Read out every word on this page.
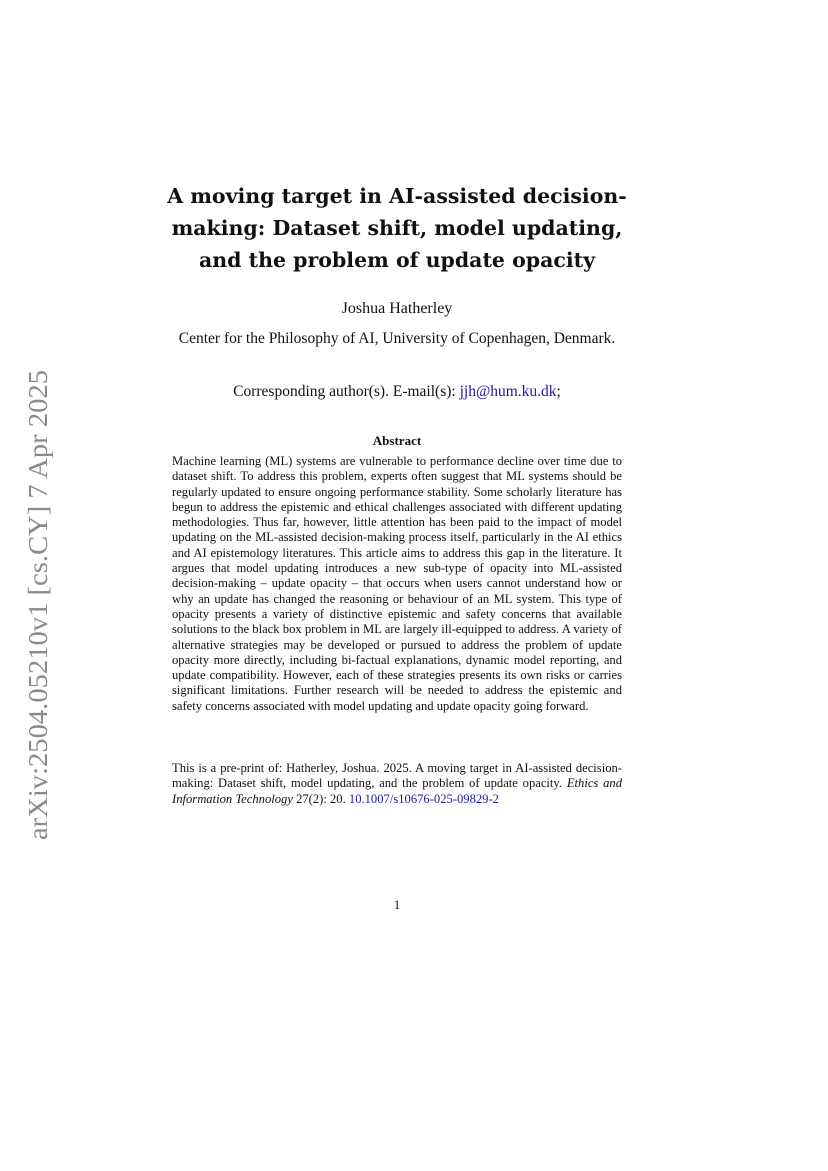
arXiv:2504.05210v1 [cs.CY] 7 Apr 2025
A moving target in AI-assisted decision-
making: Dataset shift, model updating,
and the problem of update opacity

Joshua Hatherley

Center for the Philosophy of AI, University of Copenhagen, Denmark.

Corresponding author(s). E-mail(s): jjh@hum.ku.dk;

Abstract

Machine learning (ML) systems are vulnerable to performance decline over time due to dataset shift. To address this problem, experts often suggest that ML systems should be regularly updated to ensure ongoing performance stability. Some scholarly literature has begun to address the epistemic and ethical challenges associated with different updating methodologies. Thus far, however, little attention has been paid to the impact of model updating on the ML-assisted decision-making process itself, particularly in the AI ethics and AI epistemology literatures. This article aims to address this gap in the literature. It argues that model updating introduces a new sub-type of opacity into ML-assisted decision-making – update opacity – that occurs when users cannot understand how or why an update has changed the reasoning or behaviour of an ML system. This type of opacity presents a variety of distinctive epistemic and safety concerns that available solutions to the black box problem in ML are largely ill-equipped to address. A variety of alternative strategies may be developed or pursued to address the problem of update opacity more directly, including bi-factual explanations, dynamic model reporting, and update compatibility. However, each of these strategies presents its own risks or carries significant limitations. Further research will be needed to address the epistemic and safety concerns associated with model updating and update opacity going forward.

This is a pre-print of: Hatherley, Joshua. 2025. A moving target in AI-assisted decision-making: Dataset shift, model updating, and the problem of update opacity. Ethics and Information Technology 27(2): 20. 10.1007/s10676-025-09829-2

1
